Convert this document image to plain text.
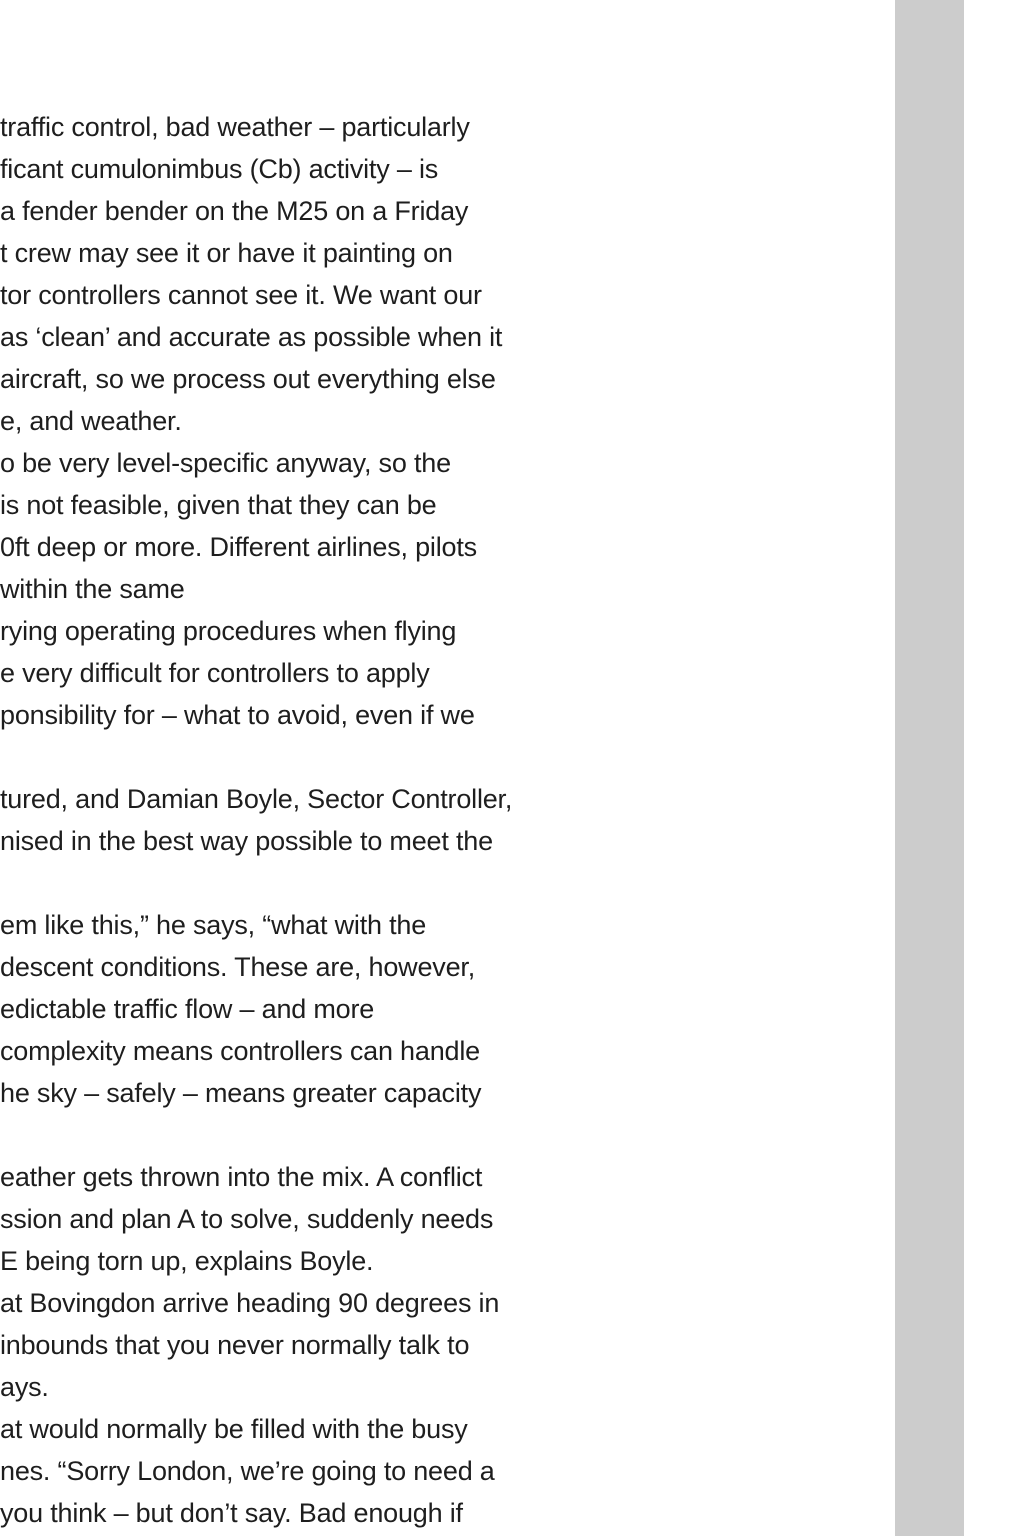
traffic control, bad weather – particularly
ficant cumulonimbus (Cb) activity – is
a fender bender on the M25 on a Friday
t crew may see it or have it painting on
tor controllers cannot see it. We want our
as ‘clean’ and accurate as possible when it
aircraft, so we process out everything else
e, and weather.
o be very level-specific anyway, so the
is not feasible, given that they can be
0ft deep or more. Different airlines, pilots
within the same
rying operating procedures when flying
e very difficult for controllers to apply
ponsibility for – what to avoid, even if we
tured, and Damian Boyle, Sector Controller,
nised in the best way possible to meet the
em like this,” he says, “what with the
descent conditions. These are, however,
edictable traffic flow – and more
complexity means controllers can handle
he sky – safely – means greater capacity
eather gets thrown into the mix. A conflict
ssion and plan A to solve, suddenly needs
E being torn up, explains Boyle.
at Bovingdon arrive heading 90 degrees in
inbounds that you never normally talk to
ays.
at would normally be filled with the busy
nes. “Sorry London, we’re going to need a
you think – but don’t say. Bad enough if
